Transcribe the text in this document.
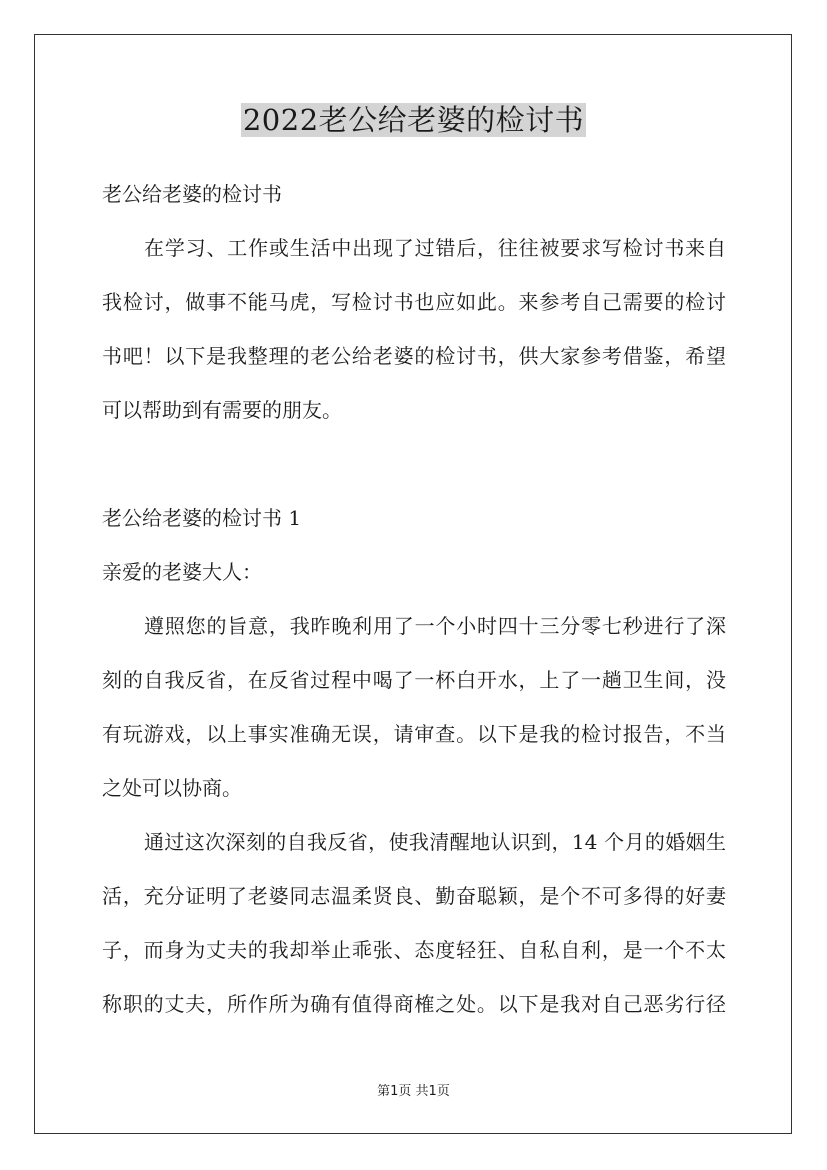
2022老公给老婆的检讨书
老公给老婆的检讨书
在学习、工作或生活中出现了过错后，往往被要求写检讨书来自
我检讨，做事不能马虎，写检讨书也应如此。来参考自己需要的检讨
书吧！以下是我整理的老公给老婆的检讨书，供大家参考借鉴，希望
可以帮助到有需要的朋友。
老公给老婆的检讨书 1
亲爱的老婆大人：
遵照您的旨意，我昨晚利用了一个小时四十三分零七秒进行了深
刻的自我反省，在反省过程中喝了一杯白开水，上了一趟卫生间，没
有玩游戏，以上事实准确无误，请审查。以下是我的检讨报告，不当
之处可以协商。
通过这次深刻的自我反省，使我清醒地认识到，14 个月的婚姻生
活，充分证明了老婆同志温柔贤良、勤奋聪颖，是个不可多得的好妻
子，而身为丈夫的我却举止乖张、态度轻狂、自私自利，是一个不太
称职的丈夫，所作所为确有值得商榷之处。以下是我对自己恶劣行径
第1页 共1页
